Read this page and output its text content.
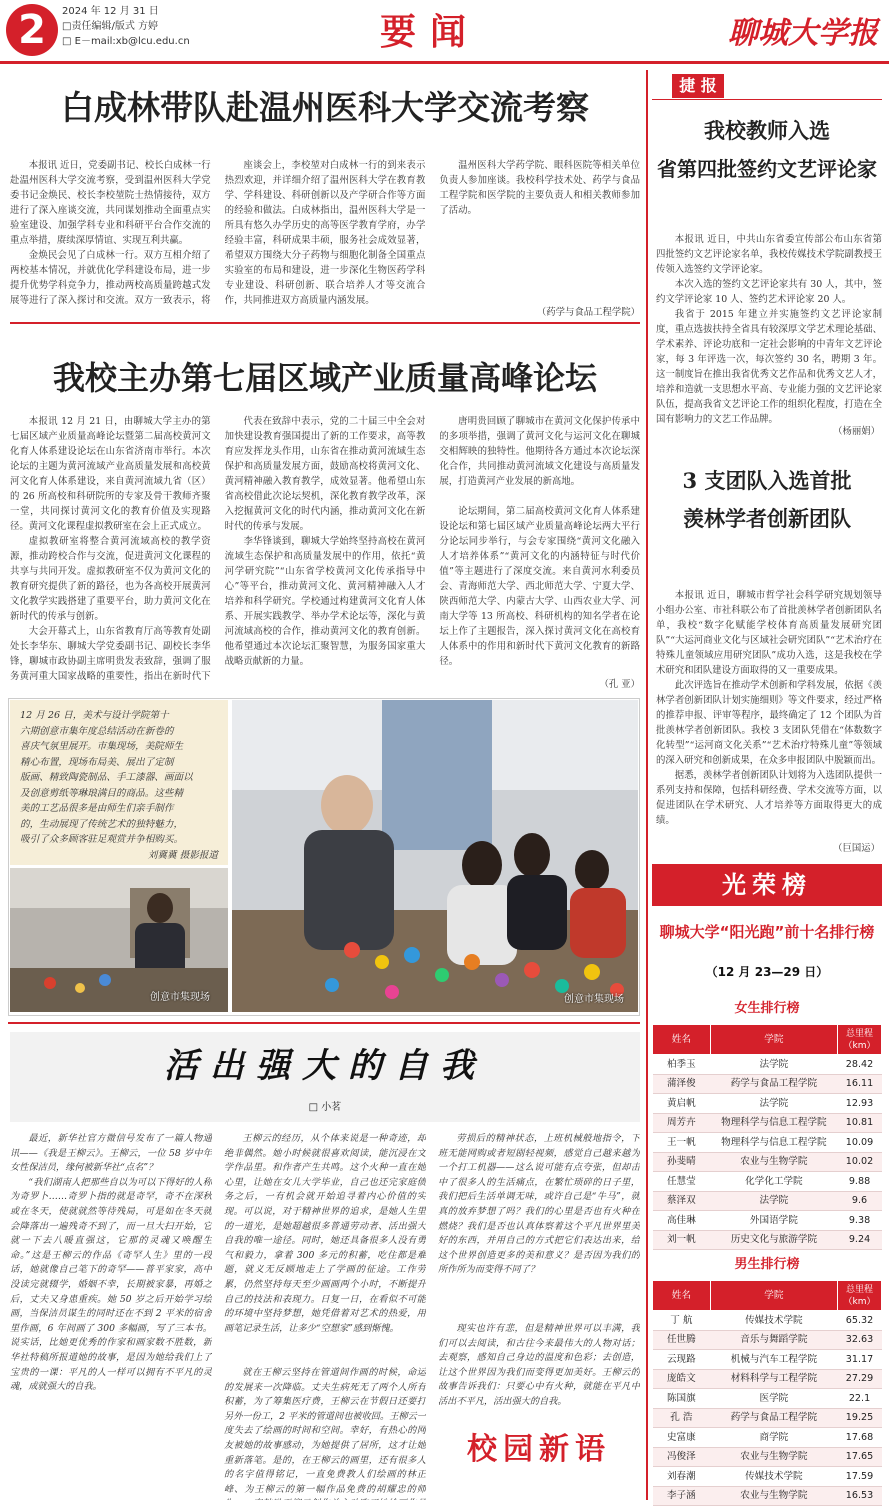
2	2024 年 12 月 31 日
□责任编辑/版式 方婷
□ E－mail:xb@lcu.edu.cn	要闻	聊城大学报
白成林带队赴温州医科大学交流考察

本报讯 近日，党委副书记、校长白成林一行赴温州医科大学交流考察，受到温州医科大学党委书记金焕民、校长李校堃院士热情接待，双方进行了深入座谈交流，共同谋划推动全面重点实验室建设、加强学科专业和科研平台合作交流的重点举措，赓续深厚情谊、实现互利共赢。

金焕民会见了白成林一行。双方互相介绍了两校基本情况，并就优化学科建设布局，进一步提升优势学科竞争力，推动两校高质量跨越式发展等进行了深入探讨和交流。双方一致表示，将

座谈会上，李校堃对白成林一行的到来表示热烈欢迎，并详细介绍了温州医科大学在教育教学、学科建设、科研创新以及产学研合作等方面的经验和做法。白成林指出，温州医科大学是一所具有悠久办学历史的高等医学教育学府，办学经验丰富，科研成果丰硕，服务社会成效显著，希望双方围绕大分子药物与细胞化制备全国重点实验室的布局和建设，进一步深化生物医药学科专业建设、科研创新、联合培养人才等交流合作，共同推进双方高质量内涵发展。

温州医科大学药学院、眼科医院等相关单位负责人参加座谈。我校科学技术处、药学与食品工程学院和医学院的主要负责人和相关教师参加了活动。

（药学与食品工程学院）
我校主办第七届区域产业质量高峰论坛

本报讯 12 月 21 日，由聊城大学主办的第七届区域产业质量高峰论坛暨第二届高校黄河文化育人体系建设论坛在山东省济南市举行。本次论坛的主题为黄河流域产业高质量发展和高校黄河文化育人体系建设，来自黄河流域九省（区）的 26 所高校和科研院所的专家及骨干教师齐聚一堂，共同探讨黄河文化的教育价值及实现路径。黄河文化课程虚拟教研室在会上正式成立。

虚拟教研室将整合黄河流域高校的教学资源，推动跨校合作与交流，促进黄河文化课程的共享与共同开发。虚拟教研室不仅为黄河文化的教育研究提供了新的路径，也为各高校开展黄河文化教学实践搭建了重要平台，助力黄河文化在新时代的传承与创新。

大会开幕式上，山东省教育厅高等教育处副处长李华东、聊城大学党委副书记、副校长李华锋，聊城市政协副主席明贵发表致辞，强调了服务黄河重大国家战略的重要性，指出在新时代下

代表在致辞中表示，党的二十届三中全会对加快建设教育强国提出了新的工作要求，高等教育应发挥龙头作用，山东省在推动黄河流域生态保护和高质量发展方面，鼓励高校将黄河文化、黄河精神融入教育教学，成效显著。他希望山东省高校借此次论坛契机，深化教育教学改革，深入挖掘黄河文化的时代内涵，推动黄河文化在新时代的传承与发展。

李华锋谈到，聊城大学始终坚持高校在黄河流域生态保护和高质量发展中的作用，依托“黄河学研究院”“山东省学校黄河文化传承指导中心”等平台，推动黄河文化、黄河精神融入人才培养和科学研究。学校通过构建黄河文化育人体系、开展实践教学、举办学术论坛等，深化与黄河流域高校的合作，推动黄河文化的教育创新。他希望通过本次论坛汇聚智慧，为服务国家重大战略贡献新的力量。

唐明贵回顾了聊城市在黄河文化保护传承中的多项举措，强调了黄河文化与运河文化在聊城交相辉映的独特性。他期待各方通过本次论坛深化合作，共同推动黄河流域文化建设与高质量发展，打造黄河产业发展的新高地。

论坛期间，第二届高校黄河文化育人体系建设论坛和第七届区域产业质量高峰论坛两大平行分论坛同步举行，与会专家围绕“黄河文化融入人才培养体系”“黄河文化的内涵特征与时代价值”等主题进行了深度交流。来自黄河水利委员会、青海师范大学、西北师范大学、宁夏大学、陕西师范大学、内蒙古大学、山西农业大学、河南大学等 13 所高校、科研机构的知名学者在论坛上作了主题报告，深入探讨黄河文化在高校育人体系中的作用和新时代下黄河文化教育的新路径。

（孔 亚）
12 月 26 日，美术与设计学院第十
六期创意市集年度总结活动在新卷的
喜庆气氛里展开。市集现场，美院师生
精心布置，现场布局美、展出了定制
版画、精致陶瓷制品、手工漆器、画面以
及创意剪纸等琳琅满目的商品。这些精
美的工艺品很多是由师生们亲手制作
的，生动展现了传统艺术的独特魅力，
吸引了众多顾客驻足观赏并争相购买。
刘冀冀 摄影报道
创意市集现场	创意市集现场
活出强大的自我
□ 小茗

最近，新华社官方微信号发布了一篇人物通讯——《我是王柳云》。王柳云，一位 58 岁中年女性保洁员，缘何被新华社“点名”？

“我们湖南人把那些自以为可以下得好的人称为奇罗卜……奇罗卜指的就是奇罕，奇不在深秋或在冬天，使就就然等待残局，可是如在冬天就会降落出一遍残奇不到了，而一旦大扫开始，它就一下去八暖直强这，它那的灵魂又唤醒生命。”这是王柳云的作品《奇罕人生》里的一段话，她就像自己笔下的奇罕——普平家家，高中没读完就辍学，婚姻不幸，长期被家暴，再婚之后，丈夫又身患重疾。她 50 岁之后开始学习绘画，当保洁员谋生的同时还在不到 2 平米的宿舍里作画，6 年间画了 300 多幅画，写了三本书。说实话，比她更优秀的作家和画家数不胜数，新华社特稿所报道她的故事，是因为她给我们上了宝贵的一课：平凡的人一样可以拥有不平凡的灵魂，成就强大的自我。

王柳云的经历，从个体来说是一种奇迹，却绝非偶然。她小时候就很喜欢阅读，能沉浸在文学作品里。和作者产生共鸣。这个火种一直在她心里，让她在女儿大学毕业，自己也还完家庭债务之后，一有机会就开始追寻着内心价值的实现。可以说，对于精神世界的追求，是她人生里的一道光，是她超越很多普通劳动者、活出强大自我的唯一途径。同时，她还具备很多人没有勇气和毅力，拿着 300 多元的积蓄，吃住都是难题，就义无反顾地走上了学画的征途。工作劳累，仍然坚持每天至少画画两个小时，不断提升自己的技法和表现力。日复一日，在看似不可能的环境中坚持梦想，她凭借着对艺术的热爱，用画笔记录生活，让多少“空想家”感到惭愧。

就在王柳云坚持在管道间作画的时候，命运的发展来一次降临。丈夫生病死无了两个人所有积蓄，为了筹集医疗费，王柳云在节假日还要打另外一份工，2 平米的管道间也被收回。王柳云一度失去了绘画的时间和空间。幸好，有热心的网友被她的故事感动，为她提供了居所，这才让她重新落笔。是的，在王柳云的画里，还有很多人的名字值得铭记，一直免费教人们绘画的林正峰、为王柳云的第一幅作品免费的胡耀忠的师

劳损后的精神状态，上班机械般地指令，下班无能网购或者短剧轻视频，感觉自己越来越为一个打工机器——这么说可能有点夸张，但却击中了很多人的生活痛点，在繁忙琐碎的日子里，我们把后生活单调无味，或许自己是“牛马”，就真的放弃梦想了吗？我们的心里是否也有火种在燃烧？我们是否也认真体察着这个平凡世界里美好的东西，并用自己的方式把它们表达出来，给这个世界创造更多的美和意义？是否因为我们的所作所为而变得不同了？

现实也许有悲，但是精神世界可以丰满，我们可以去阅读，和古往今来最伟大的人物对话；去观察，感知自己身边的温度和色彩；去创造，让这个世界因为我们而变得更加美好。王柳云的故事告诉我们：只要心中有火种，就能在平凡中活出不平凡，活出强大的自我。

校园新语
捷 报
我校教师入选
省第四批签约文艺评论家

本报讯 近日，中共山东省委宣传部公布山东省第四批签约文艺评论家名单，我校传媒技术学院副教授王传领入选签约文学评论家。

本次入选的签约文艺评论家共有 30 人，其中，签约文学评论家 10 人、签约艺术评论家 20 人。

我省于 2015 年建立并实施签约文艺评论家制度，重点选拔扶持全省具有较深厚文学艺术理论基础、学术素养、评论功底和一定社会影响的中青年文艺评论家，每 3 年评选一次，每次签约 30 名，聘期 3 年。这一制度旨在推出我省优秀文艺作品和优秀文艺人才，培养和造就一支思想水平高、专业能力强的文艺评论家队伍，提高我省文艺评论工作的组织化程度，打造在全国有影响力的文艺工作品牌。

（杨丽娟）
3 支团队入选首批
羡林学者创新团队

本报讯 近日，聊城市哲学社会科学研究规划领导小组办公室、市社科联公布了首批羡林学者创新团队名单，我校“数字化赋能学校体育高质量发展研究团队”“大运河商业文化与区域社会研究团队”“艺术治疗在特殊儿童领域应用研究团队”成功入选，这是我校在学术研究和团队建设方面取得的又一重要成果。

此次评选旨在推动学术创新和学科发展，依据《羡林学者创新团队计划实施细则》等文件要求，经过严格的推荐申报、评审等程序，最终确定了 12 个团队为首批羡林学者创新团队。我校 3 支团队凭借在“体数数字化转型”“运河商文化关系”“艺术治疗特殊儿童”等领域的深入研究和创新成果，在众多申报团队中脱颖而出。

据悉，羡林学者创新团队计划将为入选团队提供一系列支持和保障，包括科研经费、学术交流等方面，以促进团队在学术研究、人才培养等方面取得更大的成绩。

（巨国运）
光荣榜
聊城大学“阳光跑”前十名排行榜
（12 月 23—29 日）
女生排行榜
姓名	学院	总里程（km）
柏季玉	法学院	28.42
蒲泽俊	药学与食品工程学院	16.11
黄启帆	法学院	12.93
周芳卉	物理科学与信息工程学院	10.81
王一帆	物理科学与信息工程学院	10.09
孙斐晴	农业与生物学院	10.02
任慧莹	化学化工学院	9.88
蔡泽双	法学院	9.6
高佳琳	外国语学院	9.38
刘一帆	历史文化与旅游学院	9.24
男生排行榜
姓名	学院	总里程（km）
丁 航	传媒技术学院	65.32
任世腾	音乐与舞蹈学院	32.63
云现路	机械与汽车工程学院	31.17
庞皓文	材料科学与工程学院	27.29
陈国旗	医学院	22.1
孔 浩	药学与食品工程学院	19.25
史富康	商学院	17.68
冯俊泽	农业与生物学院	17.65
刘春潮	传媒技术学院	17.59
李子涵	农业与生物学院	16.53
